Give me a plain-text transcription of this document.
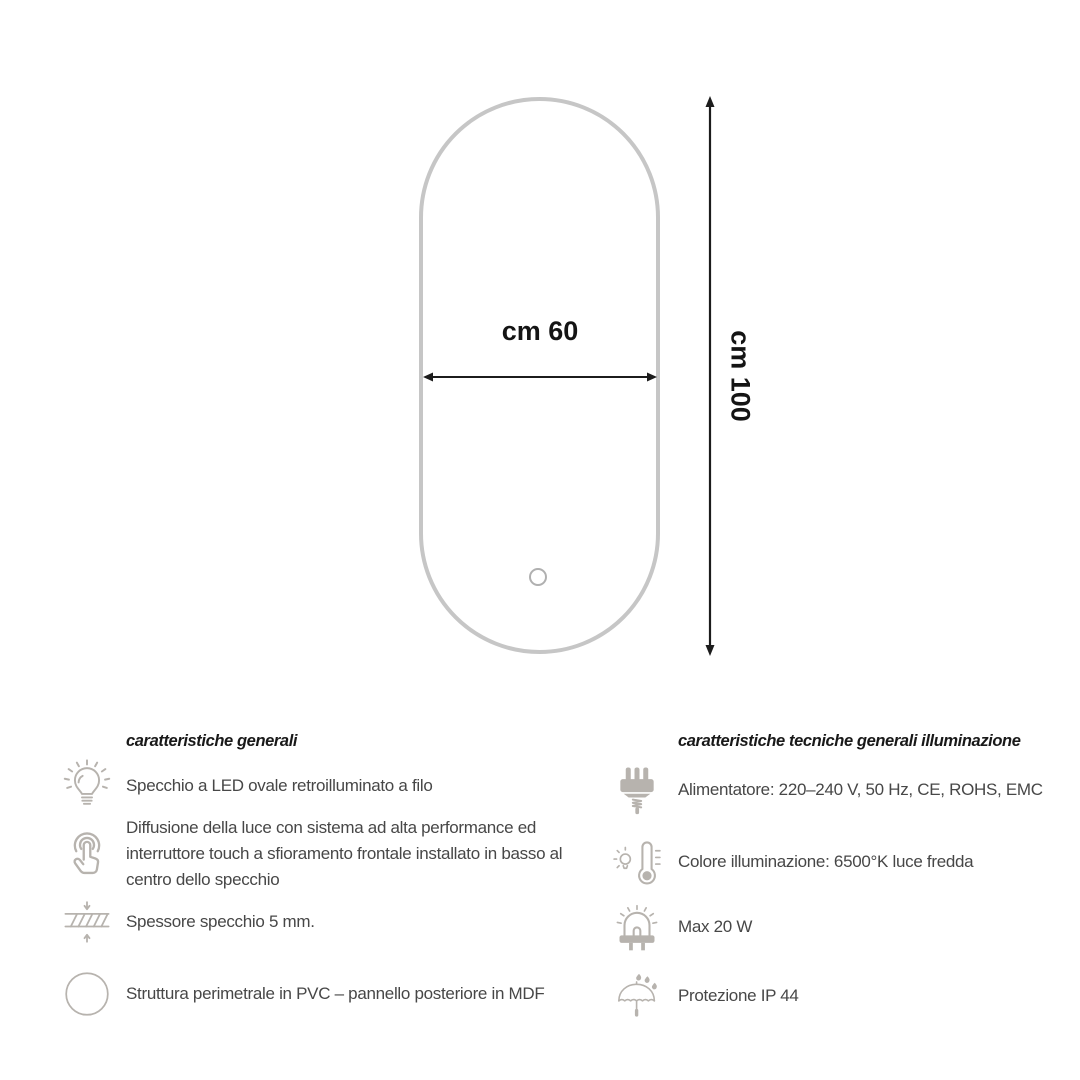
cm 60	cm 100
caratteristiche generali
Specchio a LED ovale retroilluminato a filo
Diffusione della luce con sistema ad alta performance ed interruttore touch a sfioramento frontale installato in basso al centro dello specchio
Spessore specchio 5 mm.
Struttura perimetrale in PVC – pannello posteriore in MDF
caratteristiche tecniche generali illuminazione
Alimentatore: 220–240 V, 50 Hz, CE, ROHS, EMC
Colore illuminazione: 6500°K luce fredda
Max 20 W
Protezione IP 44
